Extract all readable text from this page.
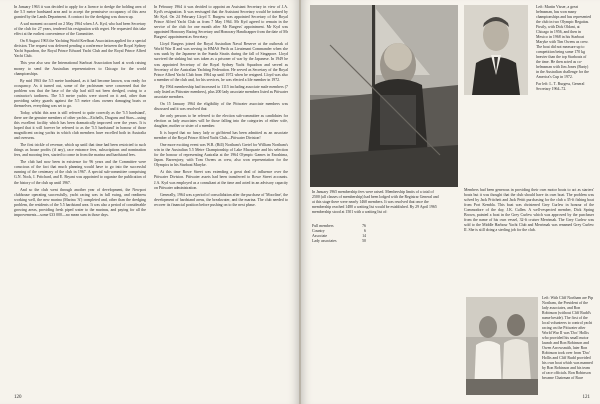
In January 1963 it was decided to apply for a licence to dredge the holding area of the 5.5 metre hardstand area and to accept the permissive occupancy of this area granted by the Lands Department. A contract for the dredging was drawn up.

A sad moment occurred on 2 May 1964 when J.A. Kyd, who had been Secretary of the club for 27 years, tendered his resignation with regret. He requested this take effect at the earliest convenience of the Committee.

On 8 August 1963 the Yachting World Keelboat Association applied for a special division. The request was deferred pending a conference between the Royal Sydney Yacht Squadron, the Royal Prince Edward Yacht Club and the Royal Prince Alfred Yacht Club.

This year also saw the International Starboat Association hard at work raising money to send the Australian representatives to Chicago for the world championships.

By mid 1963 the 5.5 metre hardstand, as it had become known, was ready for occupancy. As it turned out, some of the yachtsmen were concerned that the problem was that the base of the slip had still not been dredged, owing to a contractor's tardiness. The 5.5 metre yachts were stored on it and, other than providing safety guards against the 5.5 metre class owners damaging boats or themselves, everything was set to go.

Today, whilst this area is still referred to quite correctly as the '5.5 hardstand', there are the genuine members of other yachts—Etchells, Dragons and Stars—using this excellent facility which has been dramatically improved over the years. It is hoped that it will forever be referred to as the '5.5 hardstand' in honour of those magnificent racing yachts in which club members have excelled both in Australia and overseas.

The first trickle of revenue, which up until that time had been restricted to such things as house profits (if any), race entrance fees, subscriptions and nomination fees, and mooring fees, started to come in from the marina and hardstand fees.

The club had now been in existence for 96 years and the Committee were conscious of the fact that much planning would have to go into the successful running of the centenary of the club in 1967. A special sub-committee comprising G.N. Nock, I. Pritchard, and E. Bryant was appointed to organise the publication of the history of the club up until 1967.

And so the club went through another year of development, the Newport clubhouse operating successfully, yacht racing was in full swing, and readiness working well, the new marina (Marina 'A') completed and, other than the dredging problem, the residents of the 5.5 hardstand area. It was also a period of considerable growing areas, providing fresh piped water to the marinas, and paying for all the improvements—some £33 000—no mean sum in those days.

In February 1964 it was decided to appoint an Assistant Secretary in view of J.A. Kyd's resignation. It was envisaged that the Assistant Secretary would be trained by Mr Kyd. On 24 February Lloyd T. Burgess was appointed Secretary of the Royal Prince Alfred Yacht Club as from 7 May 1964. Mr Kyd agreed to remain in the service of the club for one month after Mr Burgess' appointment. Mr Kyd was appointed Honorary Racing Secretary and Honorary Handicapper from the date of Mr Burgess' appointment as Secretary.

Lloyd Burgess joined the Royal Australian Naval Reserve at the outbreak of World War II and was serving in HMAS Perth as Lieutenant Commander when she was sunk by the Japanese in the Sunda Straits during the fall of Singapore. Lloyd survived the sinking but was taken as a prisoner of war by the Japanese. In 1949 he was appointed Secretary of the Royal Sydney Yacht Squadron and served as Secretary of the Australian Yachting Federation. He served as Secretary of the Royal Prince Alfred Yacht Club from 1964 up until 1972 when he resigned. Lloyd was also a member of the club and, for his services, he was elected a life member in 1972.

By 1964 membership had increased to 1115 including associate male members (7 only listed as Pittwater members), plus 200 lady associate members listed as Pittwater associate members.

On 15 January 1964 the eligibility of the Pittwater associate members was discussed and it was resolved that

the only persons to be referred to the election sub-committee as candidates for election as lady associates will be those falling into the categories of either wife, daughter, mother or sister of a member.

It is hoped that no fancy lady or girlfriend has been admitted as an associate member of the Royal Prince Alfred Yacht Club—Pittwater Division!

One more exciting event was W.R. (Bill) Northam's Gretel for William Northam's win in the Australian 5.5 Metre Championship of Lake Macquarie and his selection for the honour of representing Australia at the 1964 Olympic Games in Enoshima, Japan. Barrenjoey, with Tom Owens as crew, also won representation for the Olympics in his Starboat Maryke.

At this time Rowe Street was extending a great deal of influence over the Pittwater Division. Pittwater assets had been transferred to Rowe Street accounts. J.A. Kyd was employed as a consultant at the time and acted in an advisory capacity on Pittwater administration.

Generally, 1964 was a period of consolidation after the purchase of 'Moorline', the development of hardstand areas, the breakwater, and the marina. The club needed to recover its financial position before pushing on to the next phase.

120
In January 1965 membership fees were raised. Membership limits of a total of 2500 (all classes of membership) had been lodged with the Registrar General and at this stage there were nearly 1460 members. It was resolved that once the membership reached 1480 a waiting list would be established. By 29 April 1965 membership stood at 1501 with a waiting list of:
Full members	76
Country	6
Associate	14
Lady associates	50

Left: Martin Visser, a great helmsman, has won many championships and has represented the club in two Olympic Regattas. Firstly, with Dick Oldani, at Chicago in 1956, and then in Mexico in 1968 in his Starboat Maryke with Tim Owens as crew. The boat did not measure up to competition being some 170 kg heavier than the top Starboats of the time. He then acted as co-helmsman with Jim Jones (Barty) in the Australian challenge for the America's Cup in 1972.

Far left: L. T. Burgess, General Secretary 1964–72.

Members had been generous in providing their own motor boats to act as starters' boats but it was thought that the club should have its own boat. The problem was solved by Jack Pritchett and Jack Pettit purchasing for the club a 35-ft fishing boat from Port Kembla. This boat was christened Grey Curlew in honour of the Commodore of the day, J.K. Cullen. A well-respected member, Dick Spring Brown, painted a boat in the Grey Curlew which was approved by the purchaser from the name of his own vessel, 32-ft cruiser Merrimak. The Grey Curlew was sold to the Middle Harbour Yacht Club and Merrimak was renamed Grey Curlew II. She is still doing a sterling job for the club.
Left: With Cliff Northam are Pip Northam, the President of the lady associates, and Ron Robinson (without Cliff Rudd's name beside). The first of the local volunteers to control yacht racing on the Pittwater after World War II was 'Doc' Hollis who provided his small motor launch and Ron Robinson and Owen Arrowsmith, later Ron Robinson took over from 'Doc' Hollis and Cliff Rudd provided his own boat which was manned by Ron Robinson and his team of race officials. Ron Robinson became Chairman of Race
121
